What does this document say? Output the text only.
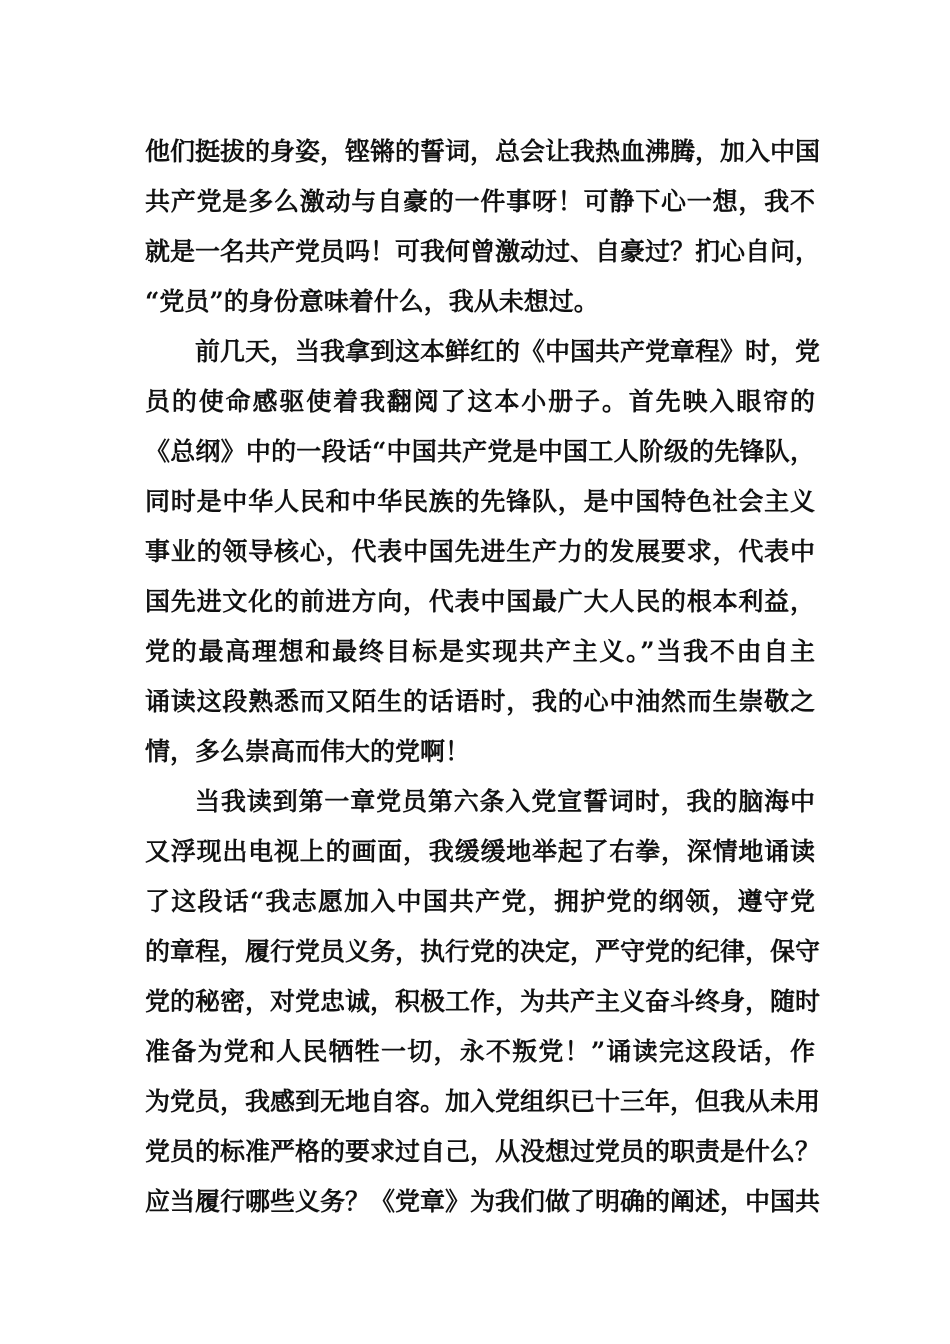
他们挺拔的身姿，铿锵的誓词，总会让我热血沸腾，加入中国
共产党是多么激动与自豪的一件事呀！可静下心一想，我不
就是一名共产党员吗！可我何曾激动过、自豪过？扪心自问，
“党员”的身份意味着什么，我从未想过。
前几天，当我拿到这本鲜红的《中国共产党章程》时，党
员的使命感驱使着我翻阅了这本小册子。首先映入眼帘的
《总纲》中的一段话“中国共产党是中国工人阶级的先锋队，
同时是中华人民和中华民族的先锋队，是中国特色社会主义
事业的领导核心，代表中国先进生产力的发展要求，代表中
国先进文化的前进方向，代表中国最广大人民的根本利益，
党的最高理想和最终目标是实现共产主义。”当我不由自主
诵读这段熟悉而又陌生的话语时，我的心中油然而生崇敬之
情，多么崇高而伟大的党啊！
当我读到第一章党员第六条入党宣誓词时，我的脑海中
又浮现出电视上的画面，我缓缓地举起了右拳，深情地诵读
了这段话“我志愿加入中国共产党，拥护党的纲领，遵守党
的章程，履行党员义务，执行党的决定，严守党的纪律，保守
党的秘密，对党忠诚，积极工作，为共产主义奋斗终身，随时
准备为党和人民牺牲一切，永不叛党！”诵读完这段话，作
为党员，我感到无地自容。加入党组织已十三年，但我从未用
党员的标准严格的要求过自己，从没想过党员的职责是什么？
应当履行哪些义务？《党章》为我们做了明确的阐述，中国共
